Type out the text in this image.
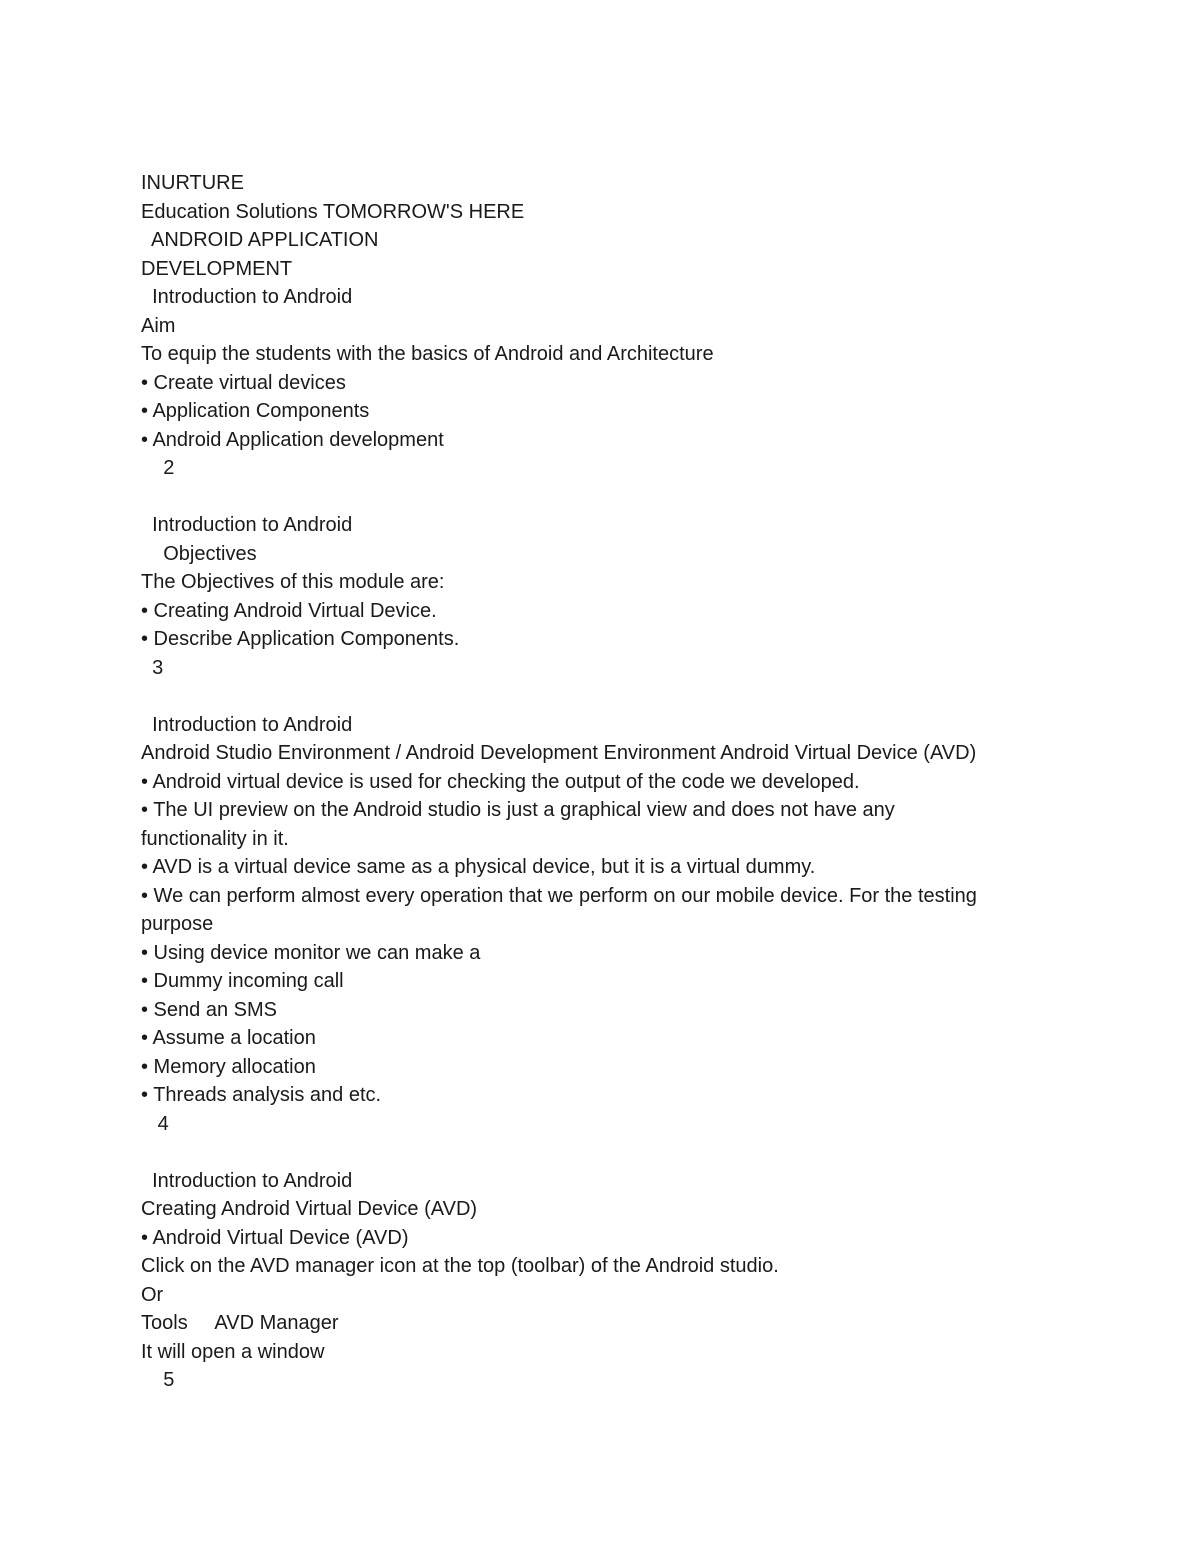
INURTURE
Education Solutions TOMORROW'S HERE
ANDROID APPLICATION
DEVELOPMENT
Introduction to Android
Aim
To equip the students with the basics of Android and Architecture
• Create virtual devices
• Application Components
• Android Application development
2
Introduction to Android
Objectives
The Objectives of this module are:
• Creating Android Virtual Device.
• Describe Application Components.
3
Introduction to Android
Android Studio Environment / Android Development Environment Android Virtual Device (AVD)
• Android virtual device is used for checking the output of the code we developed.
• The UI preview on the Android studio is just a graphical view and does not have any
functionality in it.
• AVD is a virtual device same as a physical device, but it is a virtual dummy.
• We can perform almost every operation that we perform on our mobile device. For the testing
purpose
• Using device monitor we can make a
• Dummy incoming call
• Send an SMS
• Assume a location
• Memory allocation
• Threads analysis and etc.
4
Introduction to Android
Creating Android Virtual Device (AVD)
• Android Virtual Device (AVD)
Click on the AVD manager icon at the top (toolbar) of the Android studio.
Or
Tools     AVD Manager
It will open a window
5
